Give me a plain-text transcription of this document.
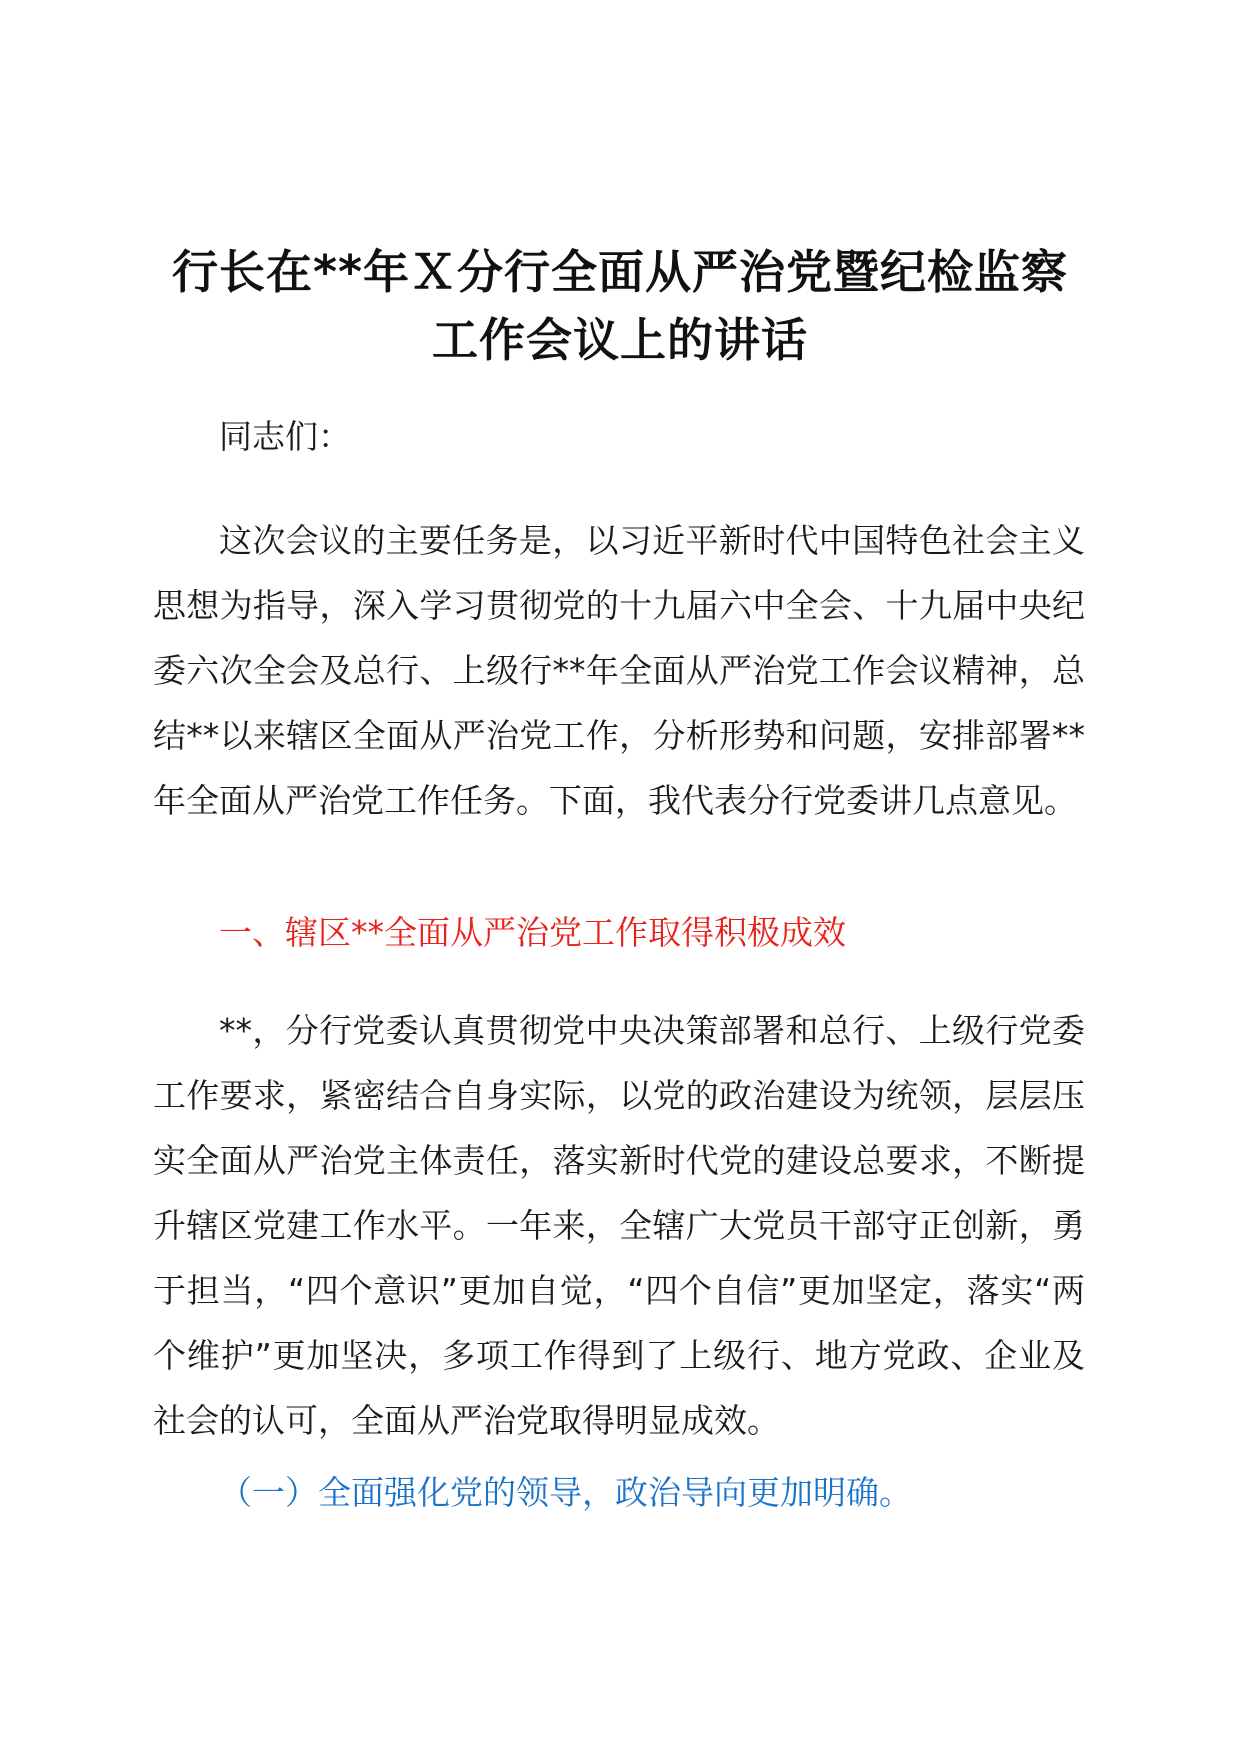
行长在**年Ｘ分行全面从严治党暨纪检监察工作会议上的讲话
同志们：
这次会议的主要任务是，以习近平新时代中国特色社会主义思想为指导，深入学习贯彻党的十九届六中全会、十九届中央纪委六次全会及总行、上级行**年全面从严治党工作会议精神，总结**以来辖区全面从严治党工作，分析形势和问题，安排部署**年全面从严治党工作任务。下面，我代表分行党委讲几点意见。
一、辖区**全面从严治党工作取得积极成效
**，分行党委认真贯彻党中央决策部署和总行、上级行党委工作要求，紧密结合自身实际，以党的政治建设为统领，层层压实全面从严治党主体责任，落实新时代党的建设总要求，不断提升辖区党建工作水平。一年来，全辖广大党员干部守正创新，勇于担当，“四个意识”更加自觉，“四个自信”更加坚定，落实“两个维护”更加坚决，多项工作得到了上级行、地方党政、企业及社会的认可，全面从严治党取得明显成效。
（一）全面强化党的领导，政治导向更加明确。
